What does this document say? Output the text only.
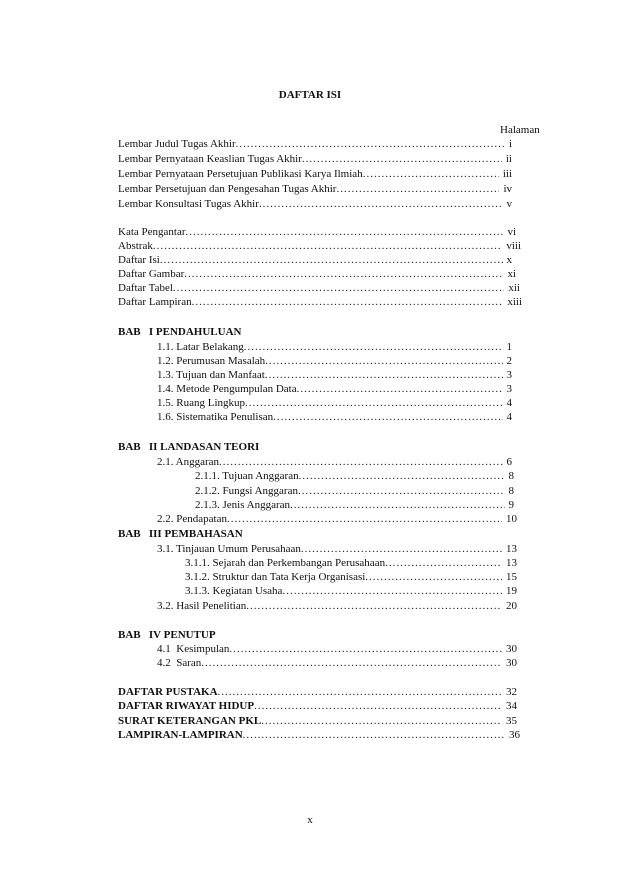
DAFTAR ISI
Halaman
Lembar Judul Tugas Akhir .....	i
Lembar Pernyataan Keaslian Tugas Akhir .....	ii
Lembar Pernyataan Persetujuan Publikasi Karya Ilmiah .....	iii
Lembar Persetujuan dan Pengesahan Tugas Akhir .....	iv
Lembar Konsultasi Tugas Akhir .....	v
Kata Pengantar .....	vi
Abstrak .....	viii
Daftar Isi .....	x
Daftar Gambar .....	xi
Daftar Tabel .....	xii
Daftar Lampiran .....	xiii
BAB   I PENDAHULUAN
1.1. Latar Belakang .....	1
1.2. Perumusan Masalah .....	2
1.3. Tujuan dan Manfaat .....	3
1.4. Metode Pengumpulan Data .....	3
1.5. Ruang Lingkup .....	4
1.6. Sistematika Penulisan .....	4
BAB   II LANDASAN TEORI
2.1. Anggaran .....	6
2.1.1. Tujuan Anggaran .....	8
2.1.2. Fungsi Anggaran .....	8
2.1.3. Jenis Anggaran .....	9
2.2. Pendapatan .....	10
BAB   III PEMBAHASAN
3.1. Tinjauan Umum Perusahaan .....	13
3.1.1. Sejarah dan Perkembangan Perusahaan .....	13
3.1.2. Struktur dan Tata Kerja Organisasi .....	15
3.1.3. Kegiatan Usaha .....	19
3.2. Hasil Penelitian .....	20
BAB   IV PENUTUP
4.1  Kesimpulan .....	30
4.2  Saran .....	30
DAFTAR PUSTAKA .....	32
DAFTAR RIWAYAT HIDUP .....	34
SURAT KETERANGAN PKL .....	35
LAMPIRAN-LAMPIRAN .....	36
x
